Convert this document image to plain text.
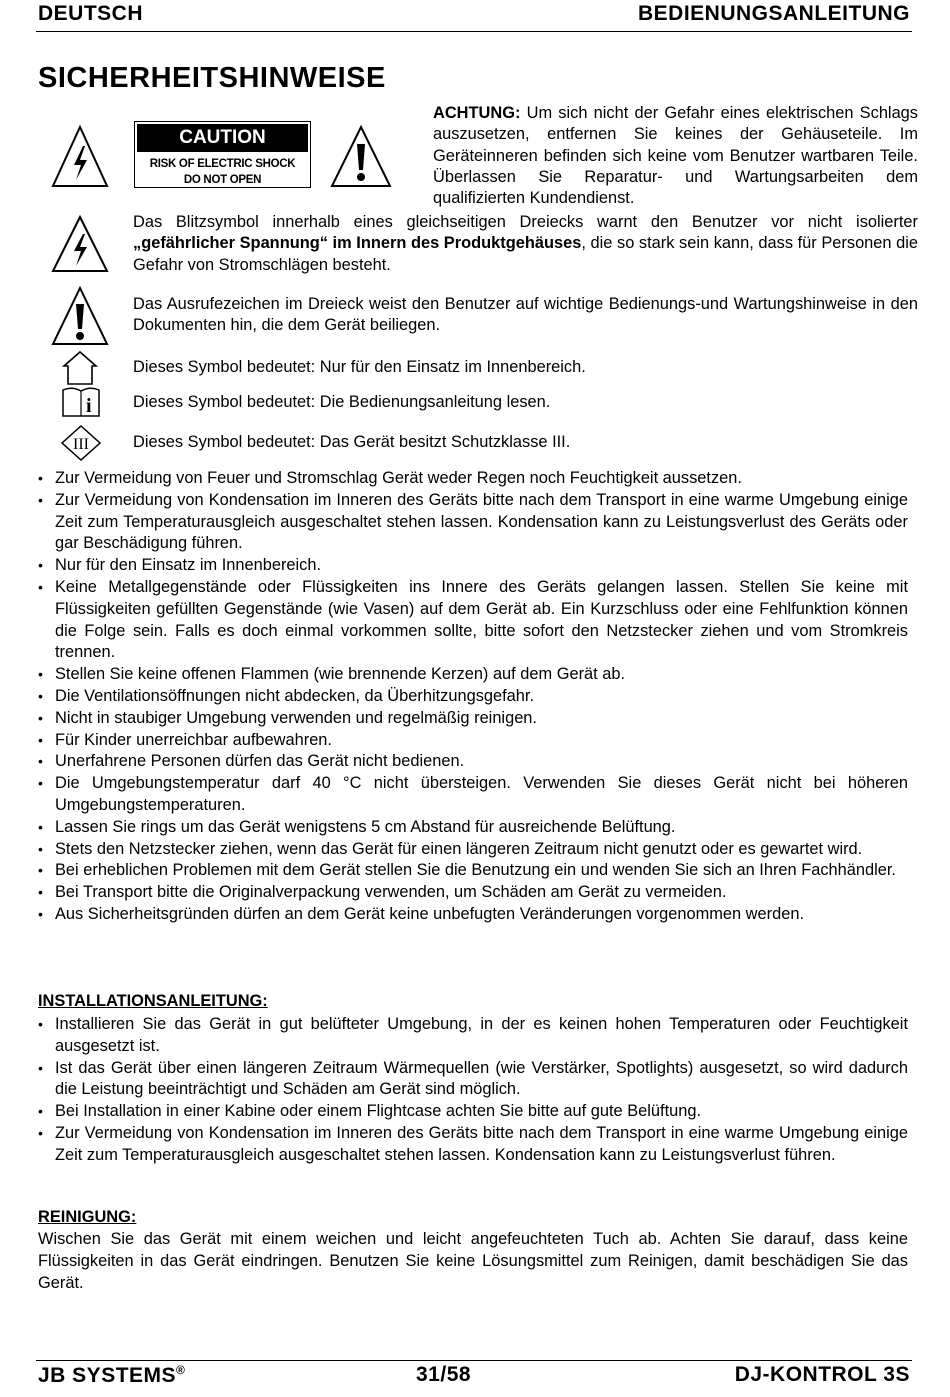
DEUTSCH	BEDIENUNGSANLEITUNG
SICHERHEITSHINWEISE
CAUTION
RISK OF ELECTRIC SHOCK
DO NOT OPEN
ACHTUNG: Um sich nicht der Gefahr eines elektrischen Schlags auszusetzen, entfernen Sie keines der Gehäuseteile. Im Geräteinneren befinden sich keine vom Benutzer wartbaren Teile. Überlassen Sie Reparatur- und Wartungsarbeiten dem qualifizierten Kundendienst.
Das Blitzsymbol innerhalb eines gleichseitigen Dreiecks warnt den Benutzer vor nicht isolierter „gefährlicher Spannung“ im Innern des Produktgehäuses, die so stark sein kann, dass für Personen die Gefahr von Stromschlägen besteht.
Das Ausrufezeichen im Dreieck weist den Benutzer auf wichtige Bedienungs-und Wartungshinweise in den Dokumenten hin, die dem Gerät beiliegen.
Dieses Symbol bedeutet: Nur für den Einsatz im Innenbereich.
i	Dieses Symbol bedeutet: Die Bedienungsanleitung lesen.
III	Dieses Symbol bedeutet: Das Gerät besitzt Schutzklasse III.
• Zur Vermeidung von Feuer und Stromschlag Gerät weder Regen noch Feuchtigkeit aussetzen.
• Zur Vermeidung von Kondensation im Inneren des Geräts bitte nach dem Transport in eine warme Umgebung einige Zeit zum Temperaturausgleich ausgeschaltet stehen lassen. Kondensation kann zu Leistungsverlust des Geräts oder gar Beschädigung führen.
• Nur für den Einsatz im Innenbereich.
• Keine Metallgegenstände oder Flüssigkeiten ins Innere des Geräts gelangen lassen. Stellen Sie keine mit Flüssigkeiten gefüllten Gegenstände (wie Vasen) auf dem Gerät ab. Ein Kurzschluss oder eine Fehlfunktion können die Folge sein. Falls es doch einmal vorkommen sollte, bitte sofort den Netzstecker ziehen und vom Stromkreis trennen.
• Stellen Sie keine offenen Flammen (wie brennende Kerzen) auf dem Gerät ab.
• Die Ventilationsöffnungen nicht abdecken, da Überhitzungsgefahr.
• Nicht in staubiger Umgebung verwenden und regelmäßig reinigen.
• Für Kinder unerreichbar aufbewahren.
• Unerfahrene Personen dürfen das Gerät nicht bedienen.
• Die Umgebungstemperatur darf 40 °C nicht übersteigen. Verwenden Sie dieses Gerät nicht bei höheren Umgebungstemperaturen.
• Lassen Sie rings um das Gerät wenigstens 5 cm Abstand für ausreichende Belüftung.
• Stets den Netzstecker ziehen, wenn das Gerät für einen längeren Zeitraum nicht genutzt oder es gewartet wird.
• Bei erheblichen Problemen mit dem Gerät stellen Sie die Benutzung ein und wenden Sie sich an Ihren Fachhändler.
• Bei Transport bitte die Originalverpackung verwenden, um Schäden am Gerät zu vermeiden.
• Aus Sicherheitsgründen dürfen an dem Gerät keine unbefugten Veränderungen vorgenommen werden.
INSTALLATIONSANLEITUNG:
• Installieren Sie das Gerät in gut belüfteter Umgebung, in der es keinen hohen Temperaturen oder Feuchtigkeit ausgesetzt ist.
• Ist das Gerät über einen längeren Zeitraum Wärmequellen (wie Verstärker, Spotlights) ausgesetzt, so wird dadurch die Leistung beeinträchtigt und Schäden am Gerät sind möglich.
• Bei Installation in einer Kabine oder einem Flightcase achten Sie bitte auf gute Belüftung.
• Zur Vermeidung von Kondensation im Inneren des Geräts bitte nach dem Transport in eine warme Umgebung einige Zeit zum Temperaturausgleich ausgeschaltet stehen lassen. Kondensation kann zu Leistungsverlust führen.
REINIGUNG:
Wischen Sie das Gerät mit einem weichen und leicht angefeuchteten Tuch ab. Achten Sie darauf, dass keine Flüssigkeiten in das Gerät eindringen. Benutzen Sie keine Lösungsmittel zum Reinigen, damit beschädigen Sie das Gerät.
JB SYSTEMS®	31/58	DJ-KONTROL 3S
